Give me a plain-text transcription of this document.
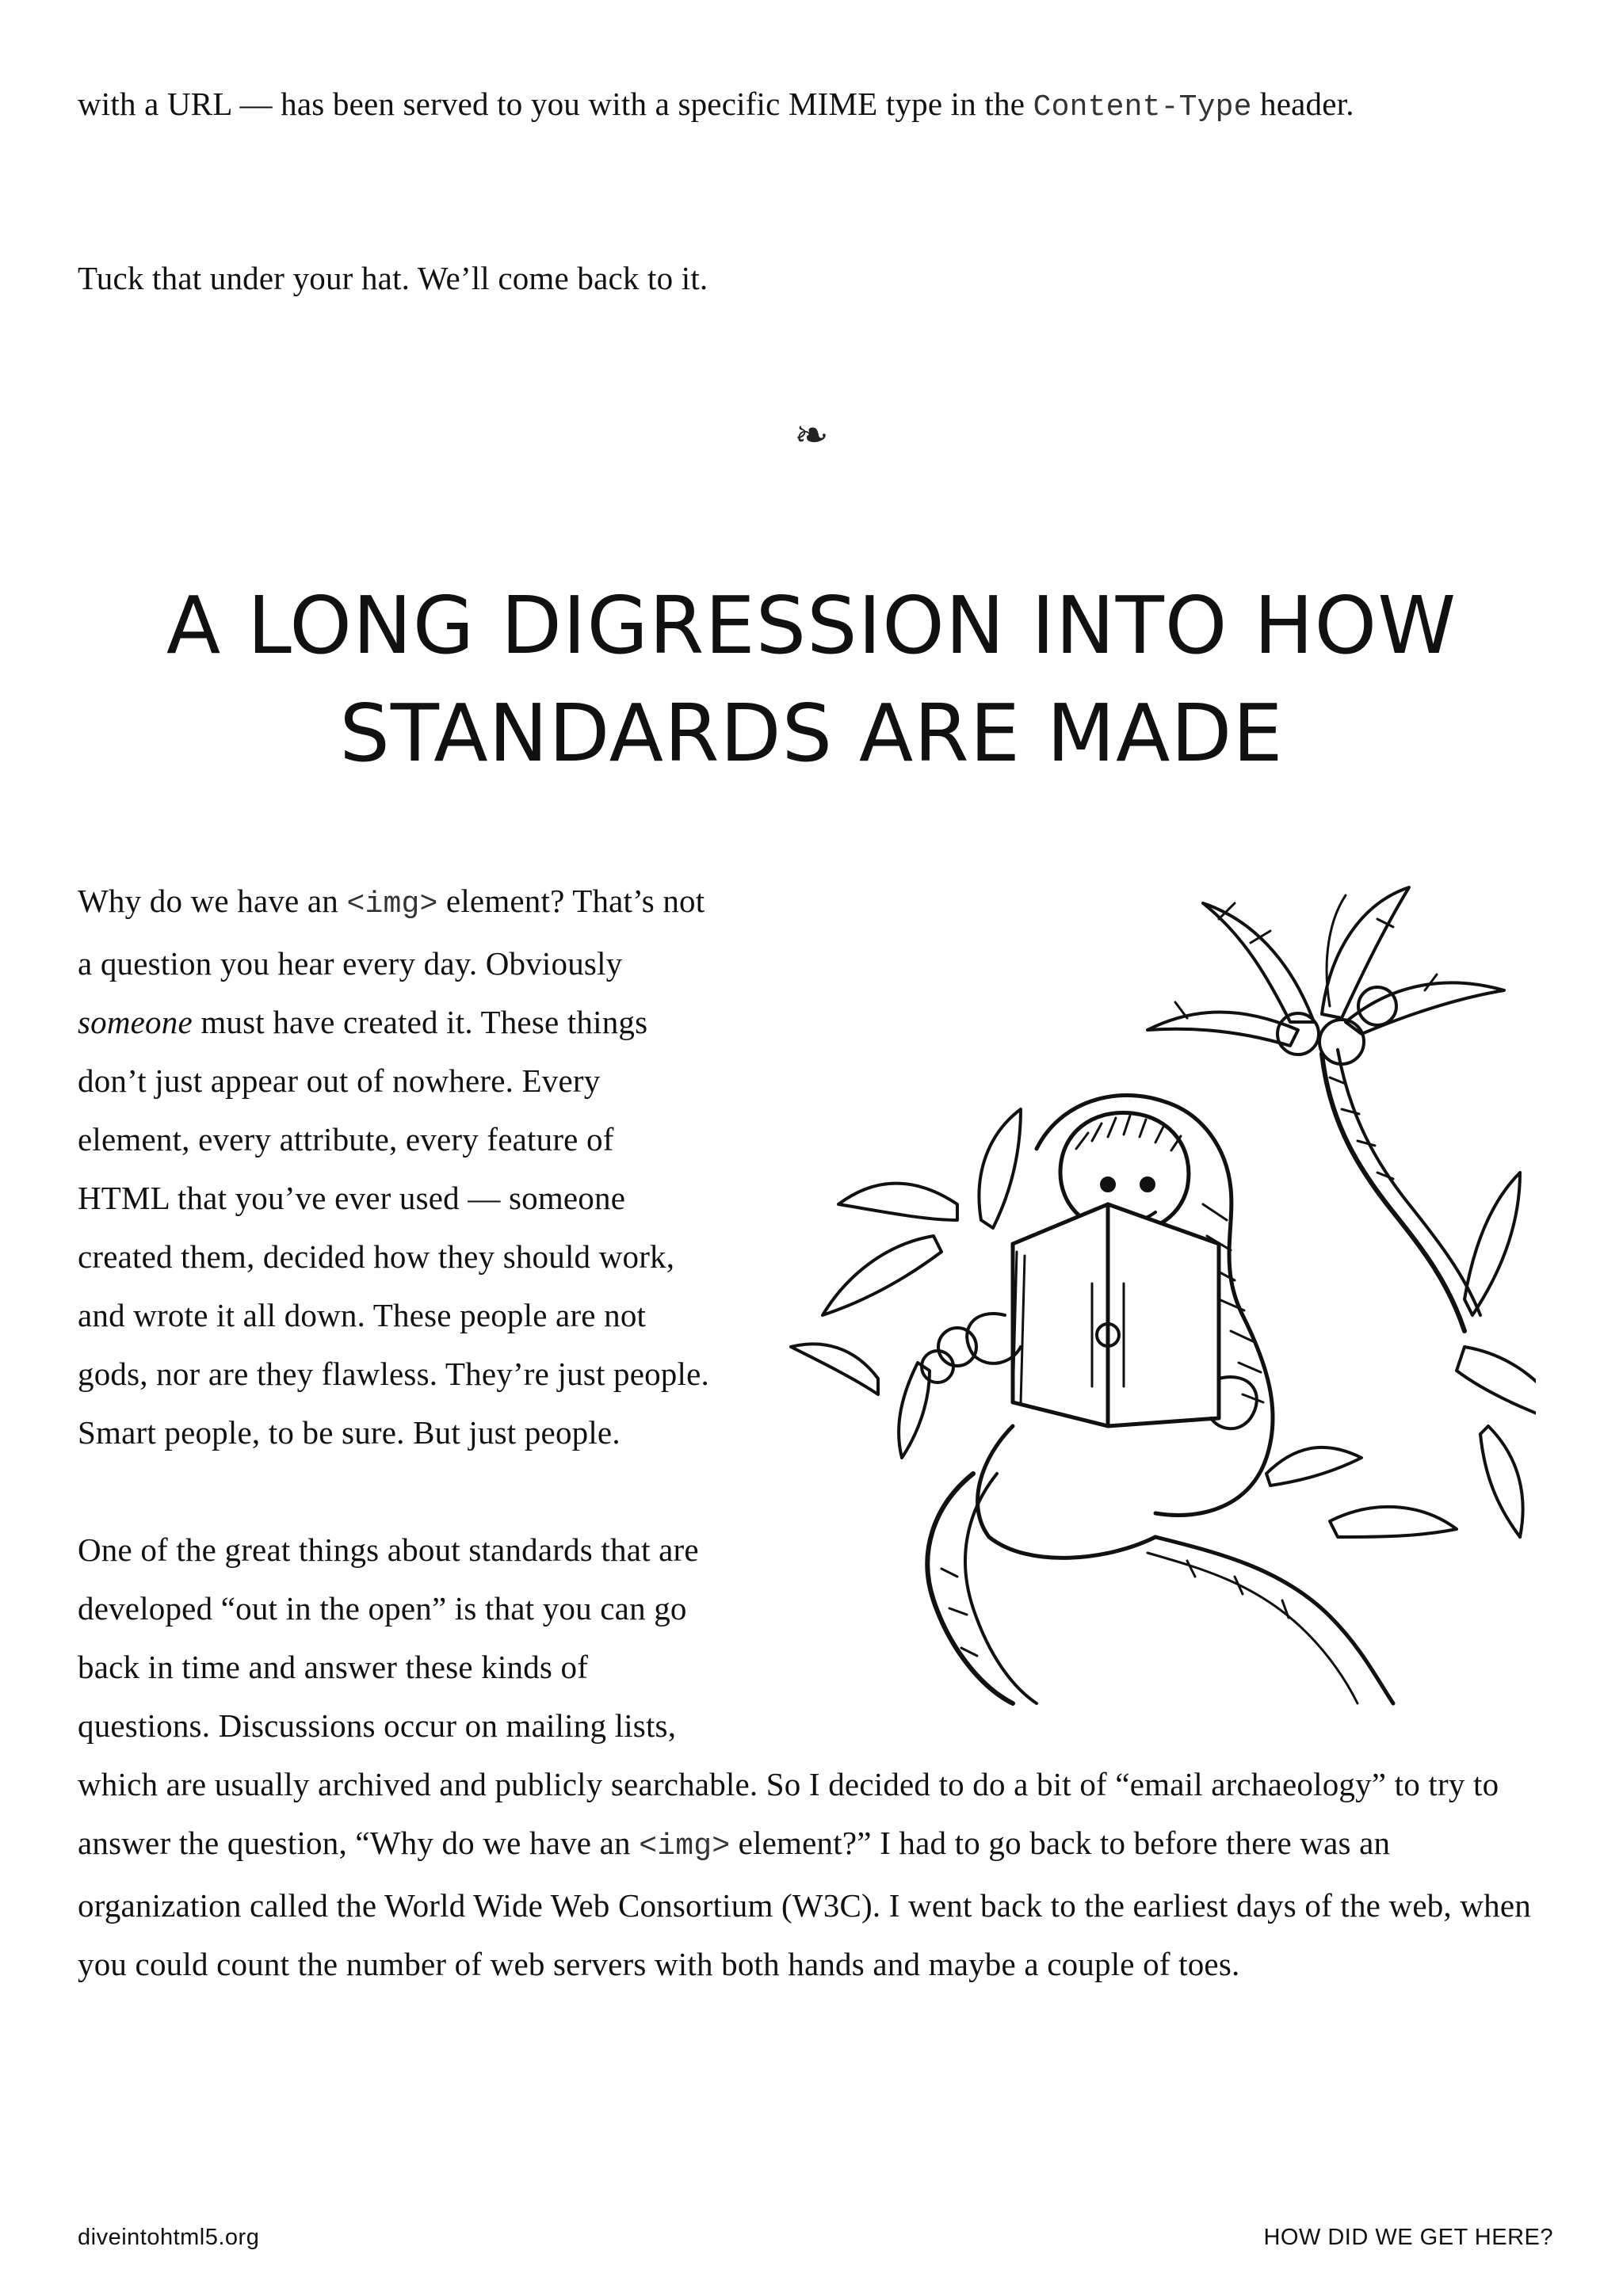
with a URL — has been served to you with a specific MIME type in the Content-Type header.
Tuck that under your hat. We’ll come back to it.
❧
A LONG DIGRESSION INTO HOW
STANDARDS ARE MADE

Why do we have an <img> element? That’s not a question you hear every day. Obviously someone must have created it. These things don’t just appear out of nowhere. Every element, every attribute, every feature of HTML that you’ve ever used — someone created them, decided how they should work, and wrote it all down. These people are not gods, nor are they flawless. They’re just people. Smart people, to be sure. But just people.

One of the great things about standards that are developed “out in the open” is that you can go back in time and answer these kinds of questions. Discussions occur on mailing lists, which are usually archived and publicly searchable. So I decided to do a bit of “email archaeology” to try to answer the question, “Why do we have an <img> element?” I had to go back to before there was an organization called the World Wide Web Consortium (W3C). I went back to the earliest days of the web, when you could count the number of web servers with both hands and maybe a couple of toes.

diveintohtml5.org	HOW DID WE GET HERE?
